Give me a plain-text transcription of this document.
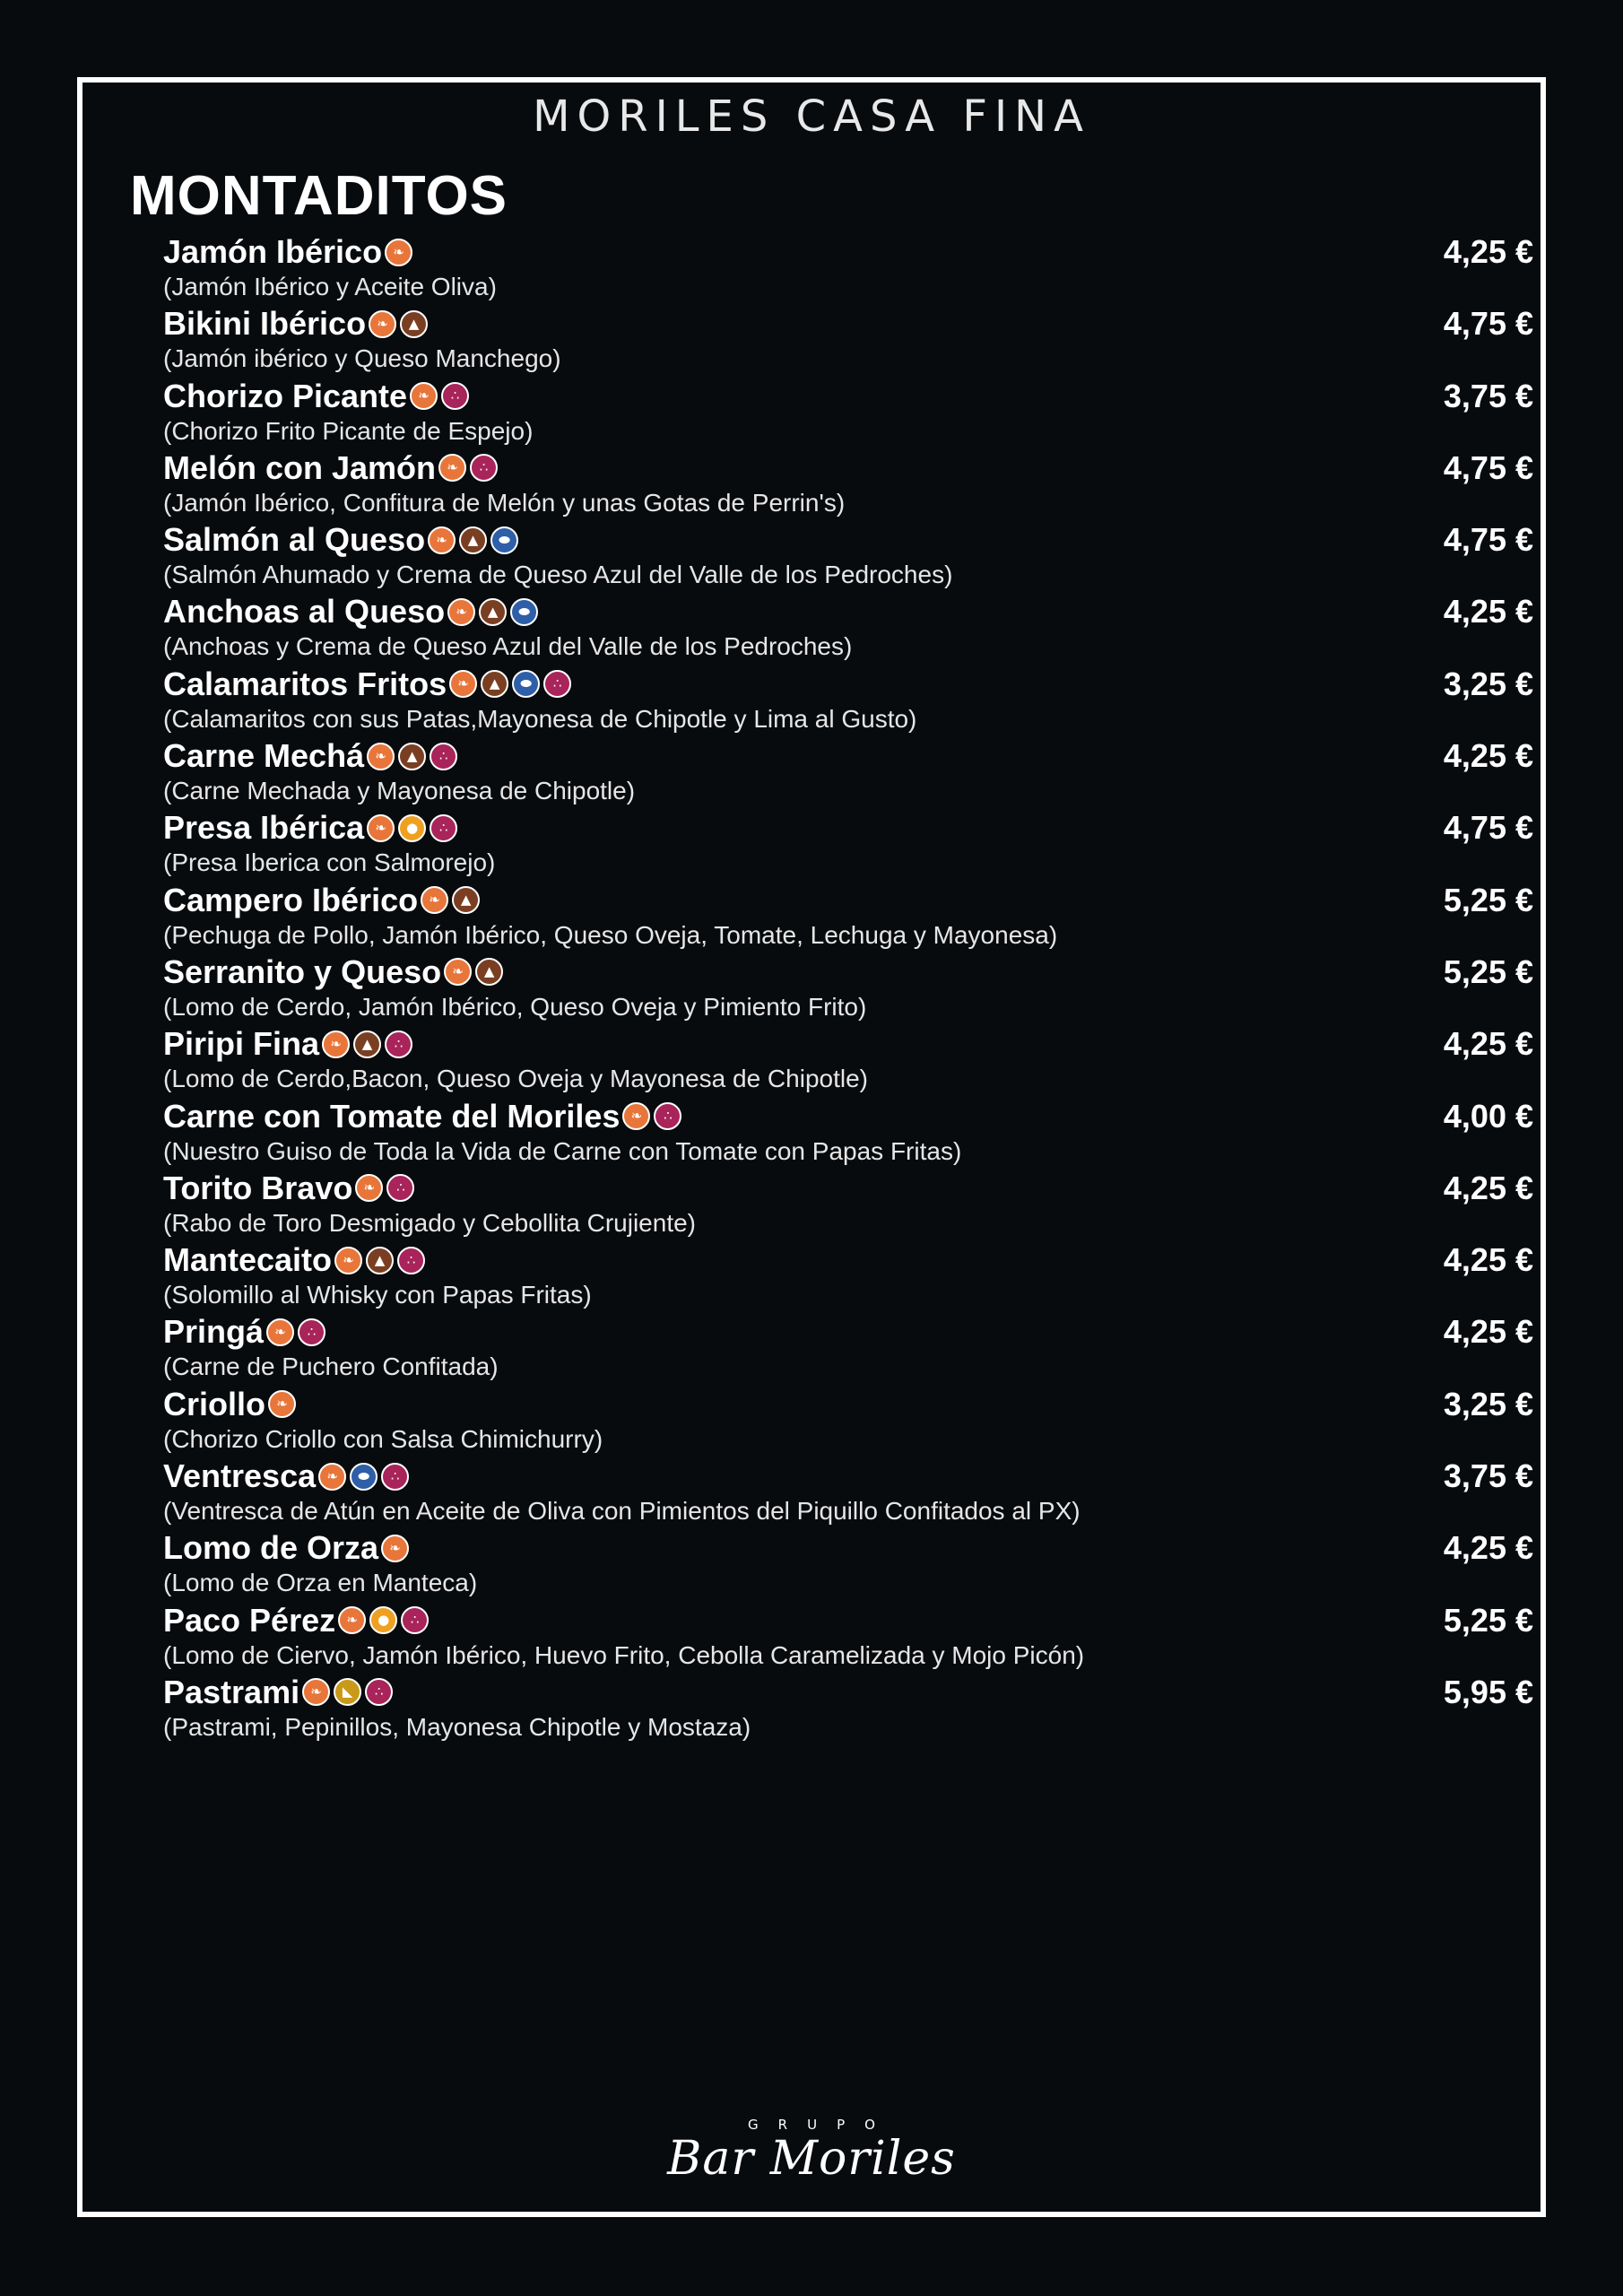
MORILES CASA FINA
MONTADITOS
Jamón Ibérico ❧	4,25 €
(Jamón Ibérico y Aceite Oliva)
Bikini Ibérico ❧	▲	4,75 €
(Jamón ibérico y Queso Manchego)
Chorizo Picante ❧	∴	3,75 €
(Chorizo Frito Picante de Espejo)
Melón con Jamón ❧	∴	4,75 €
(Jamón Ibérico, Confitura de Melón y unas Gotas de Perrin's)
Salmón al Queso ❧	▲	⬬	4,75 €
(Salmón Ahumado y Crema de Queso Azul del Valle de los Pedroches)
Anchoas al Queso ❧	▲	⬬	4,25 €
(Anchoas y Crema de Queso Azul del Valle de los Pedroches)
Calamaritos Fritos ❧	▲	⬬	∴	3,25 €
(Calamaritos con sus Patas,Mayonesa de Chipotle y Lima al Gusto)
Carne Mechá ❧	▲	∴	4,25 €
(Carne Mechada y Mayonesa de Chipotle)
Presa Ibérica ❧	●	∴	4,75 €
(Presa Iberica con Salmorejo)
Campero Ibérico ❧	▲	5,25 €
(Pechuga de Pollo, Jamón Ibérico, Queso Oveja, Tomate, Lechuga y Mayonesa)
Serranito y Queso ❧	▲	5,25 €
(Lomo de Cerdo, Jamón Ibérico, Queso Oveja y Pimiento Frito)
Piripi Fina ❧	▲	∴	4,25 €
(Lomo de Cerdo,Bacon, Queso Oveja y Mayonesa de Chipotle)
Carne con Tomate del Moriles ❧	∴	4,00 €
(Nuestro Guiso de Toda la Vida de Carne con Tomate con Papas Fritas)
Torito Bravo ❧	∴	4,25 €
(Rabo de Toro Desmigado y Cebollita Crujiente)
Mantecaito ❧	▲	∴	4,25 €
(Solomillo al Whisky con Papas Fritas)
Pringá ❧	∴	4,25 €
(Carne de Puchero Confitada)
Criollo ❧	3,25 €
(Chorizo Criollo con Salsa Chimichurry)
Ventresca ❧	⬬	∴	3,75 €
(Ventresca de Atún en Aceite de Oliva con Pimientos del Piquillo Confitados al PX)
Lomo de Orza ❧	4,25 €
(Lomo de Orza en Manteca)
Paco Pérez ❧	●	∴	5,25 €
(Lomo de Ciervo, Jamón Ibérico, Huevo Frito, Cebolla Caramelizada y Mojo Picón)
Pastrami ❧	◣	∴	5,95 €
(Pastrami, Pepinillos, Mayonesa Chipotle y Mostaza)
GRUPO
Bar Moriles
